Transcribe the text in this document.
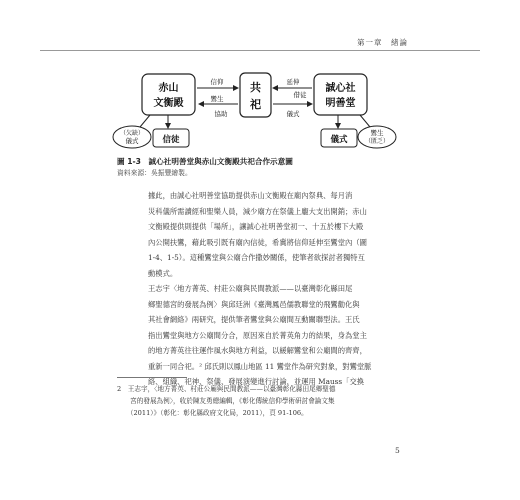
第一章　緒論
赤山
文衡殿
共
祀
誠心社
明善堂
信仰
鸞生
協助
延伸
借徒
儀式
信徒
（欠缺）
儀式	儀式
鸞生
（匱乏）
圖 1-3　誠心社明善堂與赤山文衡殿共祀合作示意圖
資料來源：吳振豐繪製。
據此，由誠心社明善堂協助提供赤山文衡殿在廟內祭典、每月消
災科儀所需讀經和聖樂人員，減少廟方在祭儀上龐大支出開銷；赤山
文衡殿提供則提供「場所」，讓誠心社明善堂初一、十五於樓下大殿
內公開扶鸞，藉此吸引既有廟內信徒，希冀將信仰延伸至鸞堂內（圖
1-4、1-5）。這種鸞堂與公廟合作撒妙關係，使筆者欲探討者獨特互
動模式。
王志宇〈地方菁英、村莊公廟與民間教派——以臺灣彰化縣田尾
鄉聖德宮的發展為例〉與邱廷洲《臺灣鳳邑儒教聯堂的飛鸞勸化與
其社會網絡》兩研究，提供筆者鸞堂與公廟間互動關聯型法。王氏
指出鸞堂與地方公廟間分合，原因來自於菁英角力的結果，身為堂主
的地方菁英往往運作風水與地方利益，以緩解鸞堂和公廟間的齊齊，
重新一同合祀。² 邱氏則以鳳山地區 11 鸞堂作為研究對象，對鸞堂脈
絡、組織、祀神、祭儀、發展演變進行討論，並運用 Mauss「交換
2　王志宇，〈地方菁英、村莊公廟與民間教派——以臺灣彰化縣田尾鄉聖德
　　宮的發展為例〉，收於陳友勇總編輯，《彰化傳統信仰學術研討會論文集
　　（2011）》（彰化：彰化縣政府文化局，2011），頁 91-106。
5
